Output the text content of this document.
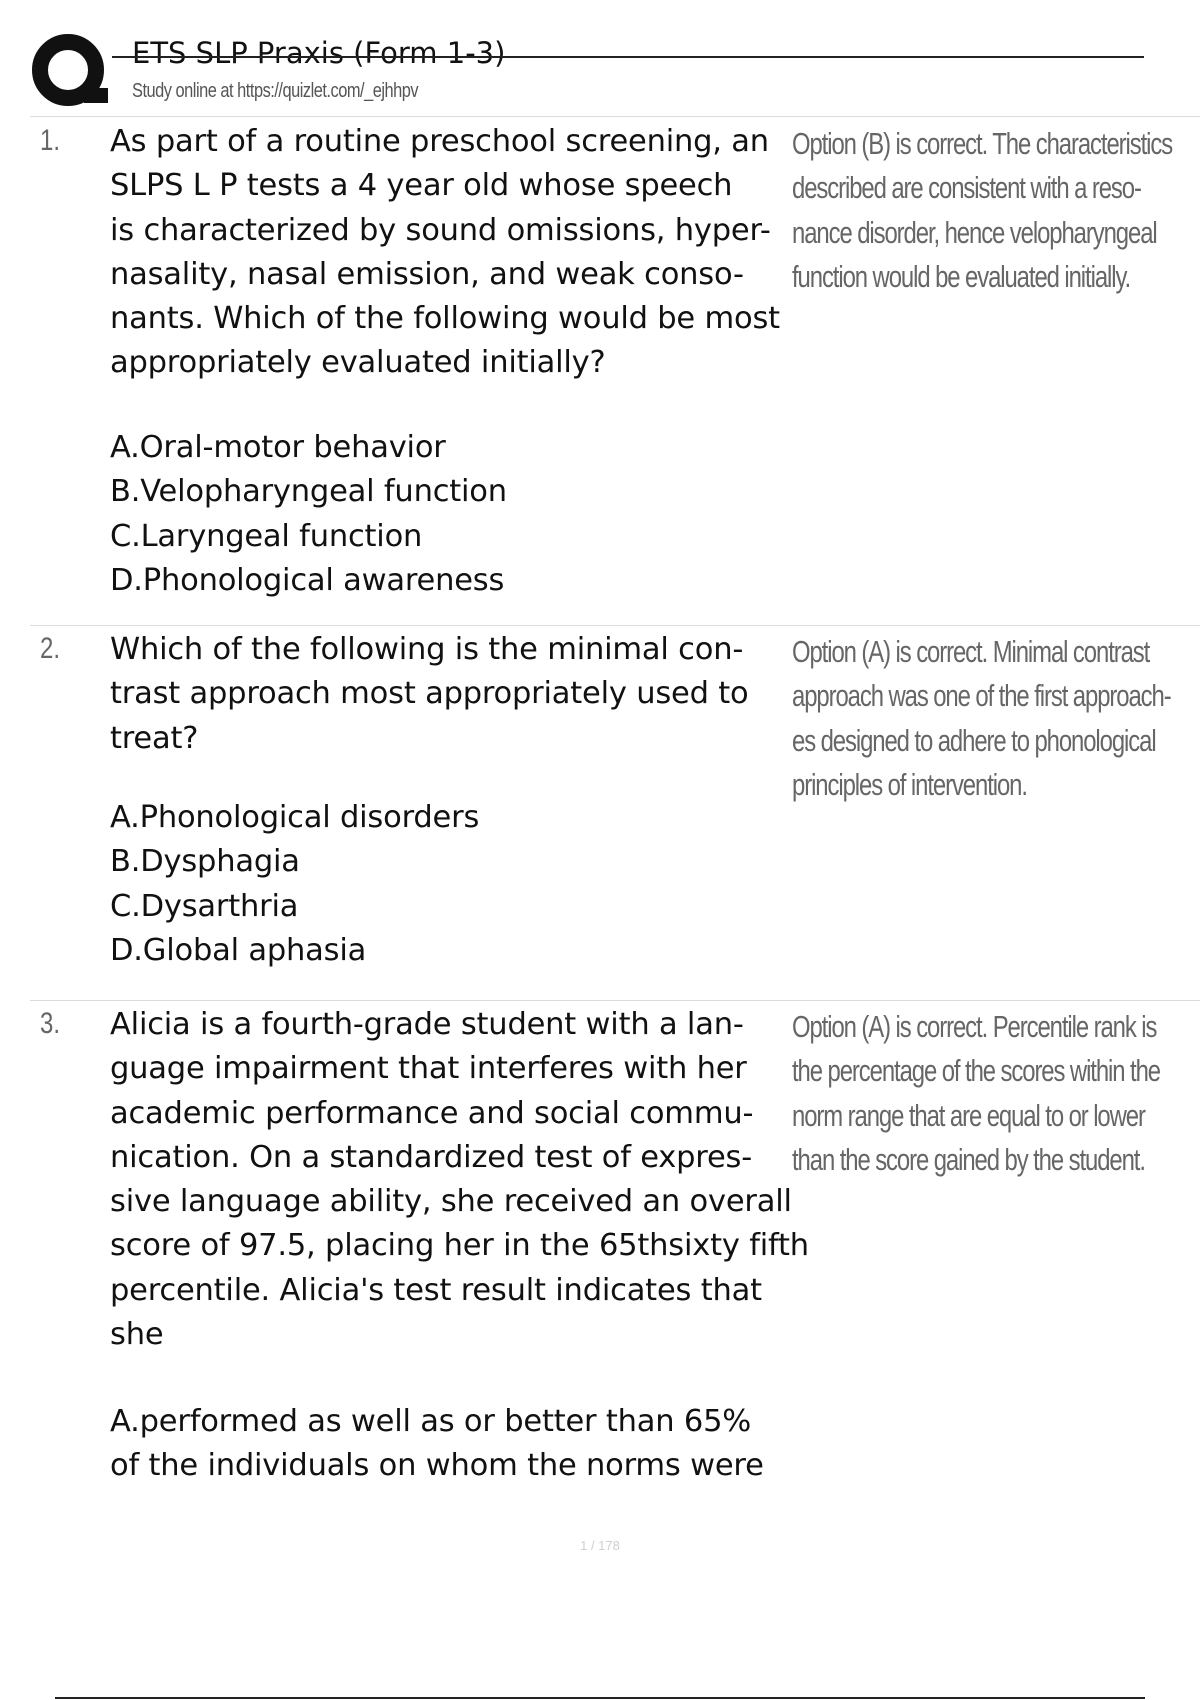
ETS SLP Praxis (Form 1-3)
Study online at https://quizlet.com/_ejhhpv
1. As part of a routine preschool screening, an
SLPS L P tests a 4 year old whose speech
is characterized by sound omissions, hyper-
nasality, nasal emission, and weak conso-
nants. Which of the following would be most
appropriately evaluated initially?
A.Oral-motor behavior
B.Velopharyngeal function
C.Laryngeal function
D.Phonological awareness
Option (B) is correct. The characteristics
described are consistent with a reso-
nance disorder, hence velopharyngeal
function would be evaluated initially.
2. Which of the following is the minimal con-
trast approach most appropriately used to
treat?
A.Phonological disorders
B.Dysphagia
C.Dysarthria
D.Global aphasia
Option (A) is correct. Minimal contrast
approach was one of the first approach-
es designed to adhere to phonological
principles of intervention.
3. Alicia is a fourth-grade student with a lan-
guage impairment that interferes with her
academic performance and social commu-
nication. On a standardized test of expres-
sive language ability, she received an overall
score of 97.5, placing her in the 65thsixty fifth
percentile. Alicia's test result indicates that
she
A.performed as well as or better than 65%
of the individuals on whom the norms were
Option (A) is correct. Percentile rank is
the percentage of the scores within the
norm range that are equal to or lower
than the score gained by the student.
1 / 178
